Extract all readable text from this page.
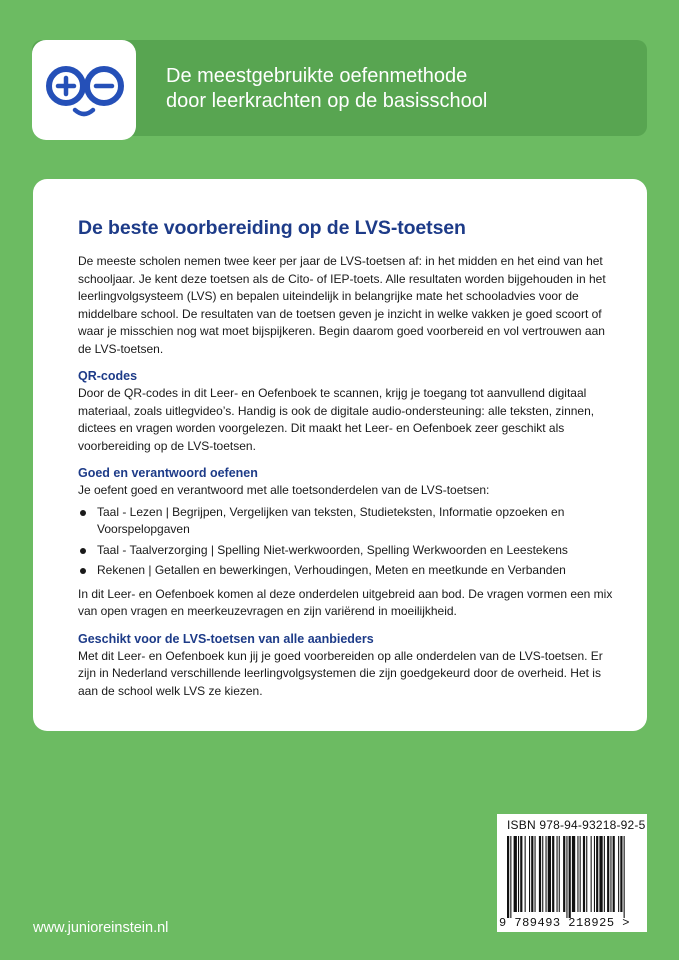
De meestgebruikte oefenmethode
door leerkrachten op de basisschool
De beste voorbereiding op de LVS-toetsen

De meeste scholen nemen twee keer per jaar de LVS-toetsen af: in het midden en het eind van het schooljaar. Je kent deze toetsen als de Cito- of IEP-toets. Alle resultaten worden bijgehouden in het leerlingvolgsysteem (LVS) en bepalen uiteindelijk in belangrijke mate het schooladvies voor de middelbare school. De resultaten van de toetsen geven je inzicht in welke vakken je goed scoort of waar je misschien nog wat moet bijspijkeren. Begin daarom goed voorbereid en vol vertrouwen aan de LVS-toetsen.

QR-codes

Door de QR-codes in dit Leer- en Oefenboek te scannen, krijg je toegang tot aanvullend digitaal materiaal, zoals uitlegvideo’s. Handig is ook de digitale audio-ondersteuning: alle teksten, zinnen, dictees en vragen worden voorgelezen. Dit maakt het Leer- en Oefenboek zeer geschikt als voorbereiding op de LVS-toetsen.

Goed en verantwoord oefenen

Je oefent goed en verantwoord met alle toetsonderdelen van de LVS-toetsen:

Taal - Lezen | Begrijpen, Vergelijken van teksten, Studieteksten, Informatie opzoeken en Voorspelopgaven
Taal - Taalverzorging | Spelling Niet-werkwoorden, Spelling Werkwoorden en Leestekens
Rekenen | Getallen en bewerkingen, Verhoudingen, Meten en meetkunde en Verbanden

In dit Leer- en Oefenboek komen al deze onderdelen uitgebreid aan bod. De vragen vormen een mix van open vragen en meerkeuzevragen en zijn variërend in moeilijkheid.

Geschikt voor de LVS-toetsen van alle aanbieders

Met dit Leer- en Oefenboek kun jij je goed voorbereiden op alle onderdelen van de LVS-toetsen. Er zijn in Nederland verschillende leerlingvolgsystemen die zijn goedgekeurd door de overheid. Het is aan de school welk LVS ze kiezen.

ISBN 978-94-93218-92-5
9 789493 218925 >
www.junioreinstein.nl
